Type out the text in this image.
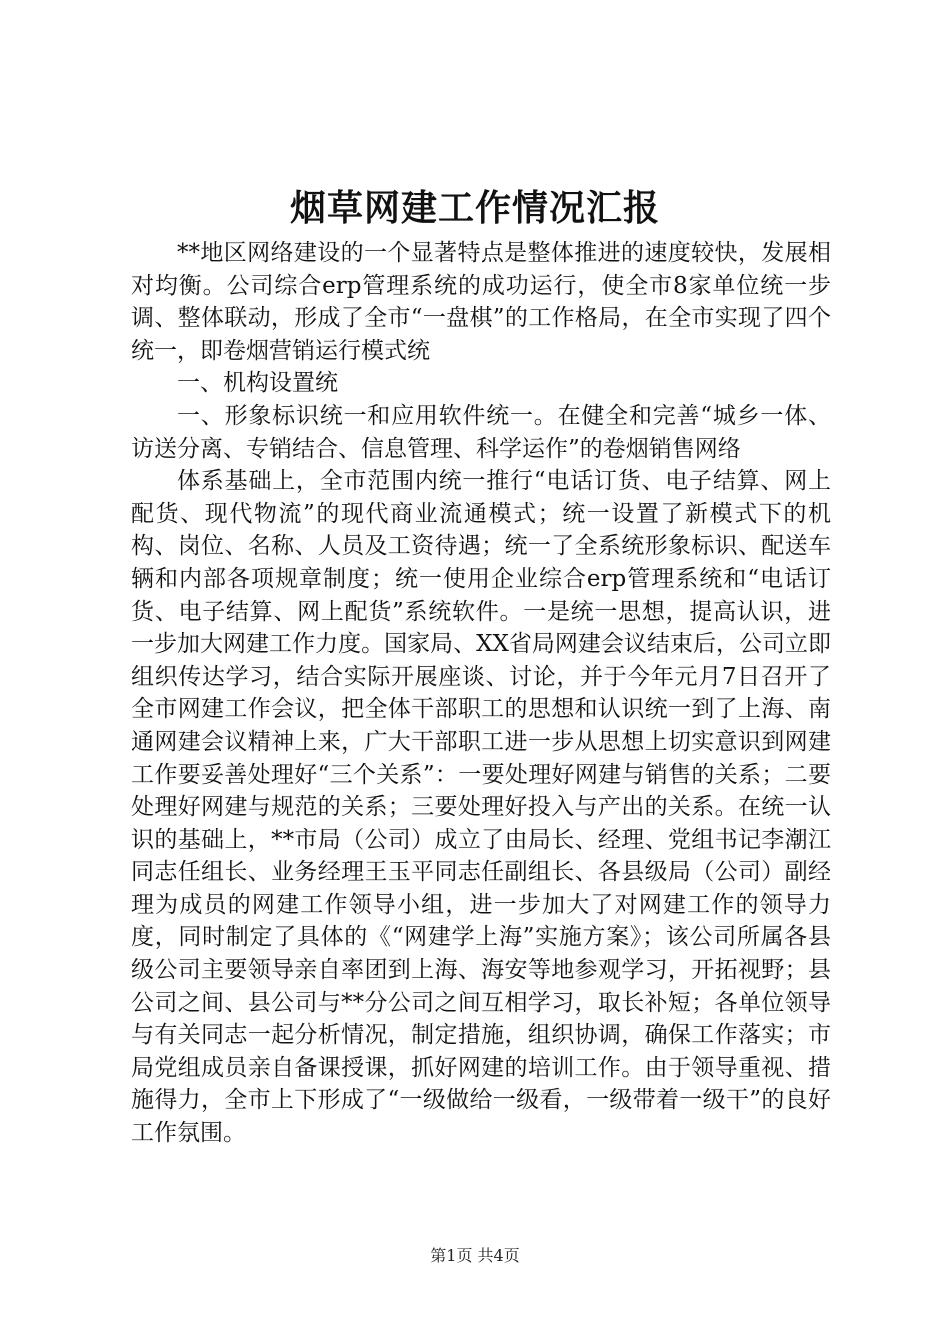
烟草网建工作情况汇报

**地区网络建设的一个显著特点是整体推进的速度较快，发展相对均衡。公司综合erp管理系统的成功运行，使全市8家单位统一步调、整体联动，形成了全市“一盘棋”的工作格局，在全市实现了四个统一，即卷烟营销运行模式统

一、机构设置统

一、形象标识统一和应用软件统一。在健全和完善“城乡一体、访送分离、专销结合、信息管理、科学运作”的卷烟销售网络

体系基础上，全市范围内统一推行“电话订货、电子结算、网上配货、现代物流”的现代商业流通模式；统一设置了新模式下的机构、岗位、名称、人员及工资待遇；统一了全系统形象标识、配送车辆和内部各项规章制度；统一使用企业综合erp管理系统和“电话订货、电子结算、网上配货”系统软件。一是统一思想，提高认识，进一步加大网建工作力度。国家局、XX省局网建会议结束后，公司立即组织传达学习，结合实际开展座谈、讨论，并于今年元月7日召开了全市网建工作会议，把全体干部职工的思想和认识统一到了上海、南通网建会议精神上来，广大干部职工进一步从思想上切实意识到网建工作要妥善处理好“三个关系”：一要处理好网建与销售的关系；二要处理好网建与规范的关系；三要处理好投入与产出的关系。在统一认识的基础上，**市局（公司）成立了由局长、经理、党组书记李潮江同志任组长、业务经理王玉平同志任副组长、各县级局（公司）副经理为成员的网建工作领导小组，进一步加大了对网建工作的领导力度，同时制定了具体的《“网建学上海”实施方案》；该公司所属各县级公司主要领导亲自率团到上海、海安等地参观学习，开拓视野；县公司之间、县公司与**分公司之间互相学习，取长补短；各单位领导与有关同志一起分析情况，制定措施，组织协调，确保工作落实；市局党组成员亲自备课授课，抓好网建的培训工作。由于领导重视、措施得力，全市上下形成了“一级做给一级看，一级带着一级干”的良好工作氛围。

第1页 共4页
